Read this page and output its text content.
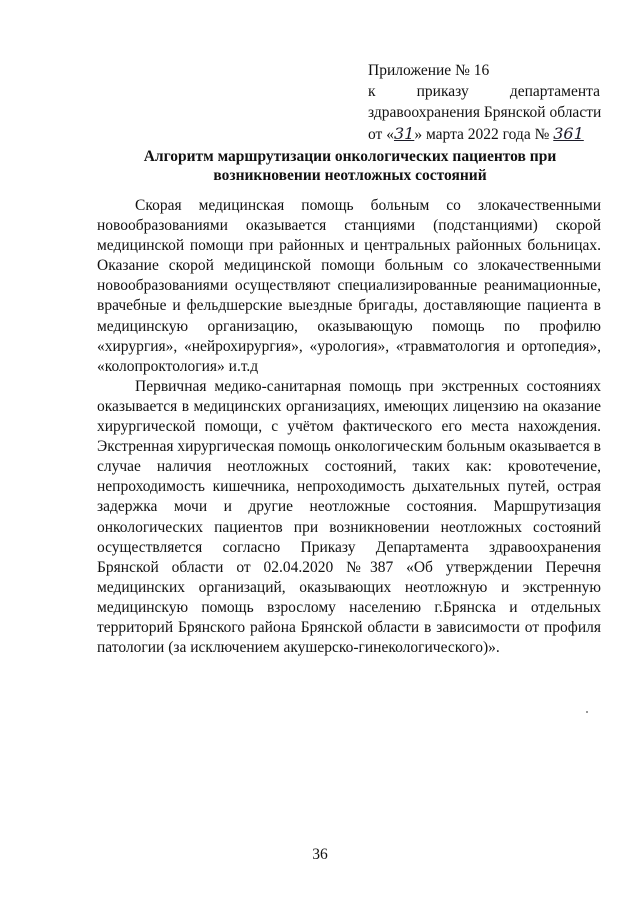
Приложение № 16
к	приказу	департамента
здравоохранения Брянской области
от «31» марта 2022 года № 361
Алгоритм маршрутизации онкологических пациентов при
возникновении неотложных состояний

Скорая медицинская помощь больным со злокачественными новообразованиями оказывается станциями (подстанциями) скорой медицинской помощи при районных и центральных районных больницах. Оказание скорой медицинской помощи больным со злокачественными новообразованиями осуществляют специализированные реанимационные, врачебные и фельдшерские выездные бригады, доставляющие пациента в медицинскую организацию, оказывающую помощь по профилю «хирургия», «нейрохирургия», «урология», «травматология и ортопедия», «колопроктология» и.т.д

Первичная медико-санитарная помощь при экстренных состояниях оказывается в медицинских организациях, имеющих лицензию на оказание хирургической помощи, с учётом фактического его места нахождения. Экстренная хирургическая помощь онкологическим больным оказывается в случае наличия неотложных состояний, таких как: кровотечение, непроходимость кишечника, непроходимость дыхательных путей, острая задержка мочи и другие неотложные состояния. Маршрутизация онкологических пациентов при возникновении неотложных состояний осуществляется согласно Приказу Департамента здравоохранения Брянской области от 02.04.2020 №387 «Об утверждении Перечня медицинских организаций, оказывающих неотложную и экстренную медицинскую помощь взрослому населению г.Брянска и отдельных территорий Брянского района Брянской области в зависимости от профиля патологии (за исключением акушерско-гинекологического)».

36
